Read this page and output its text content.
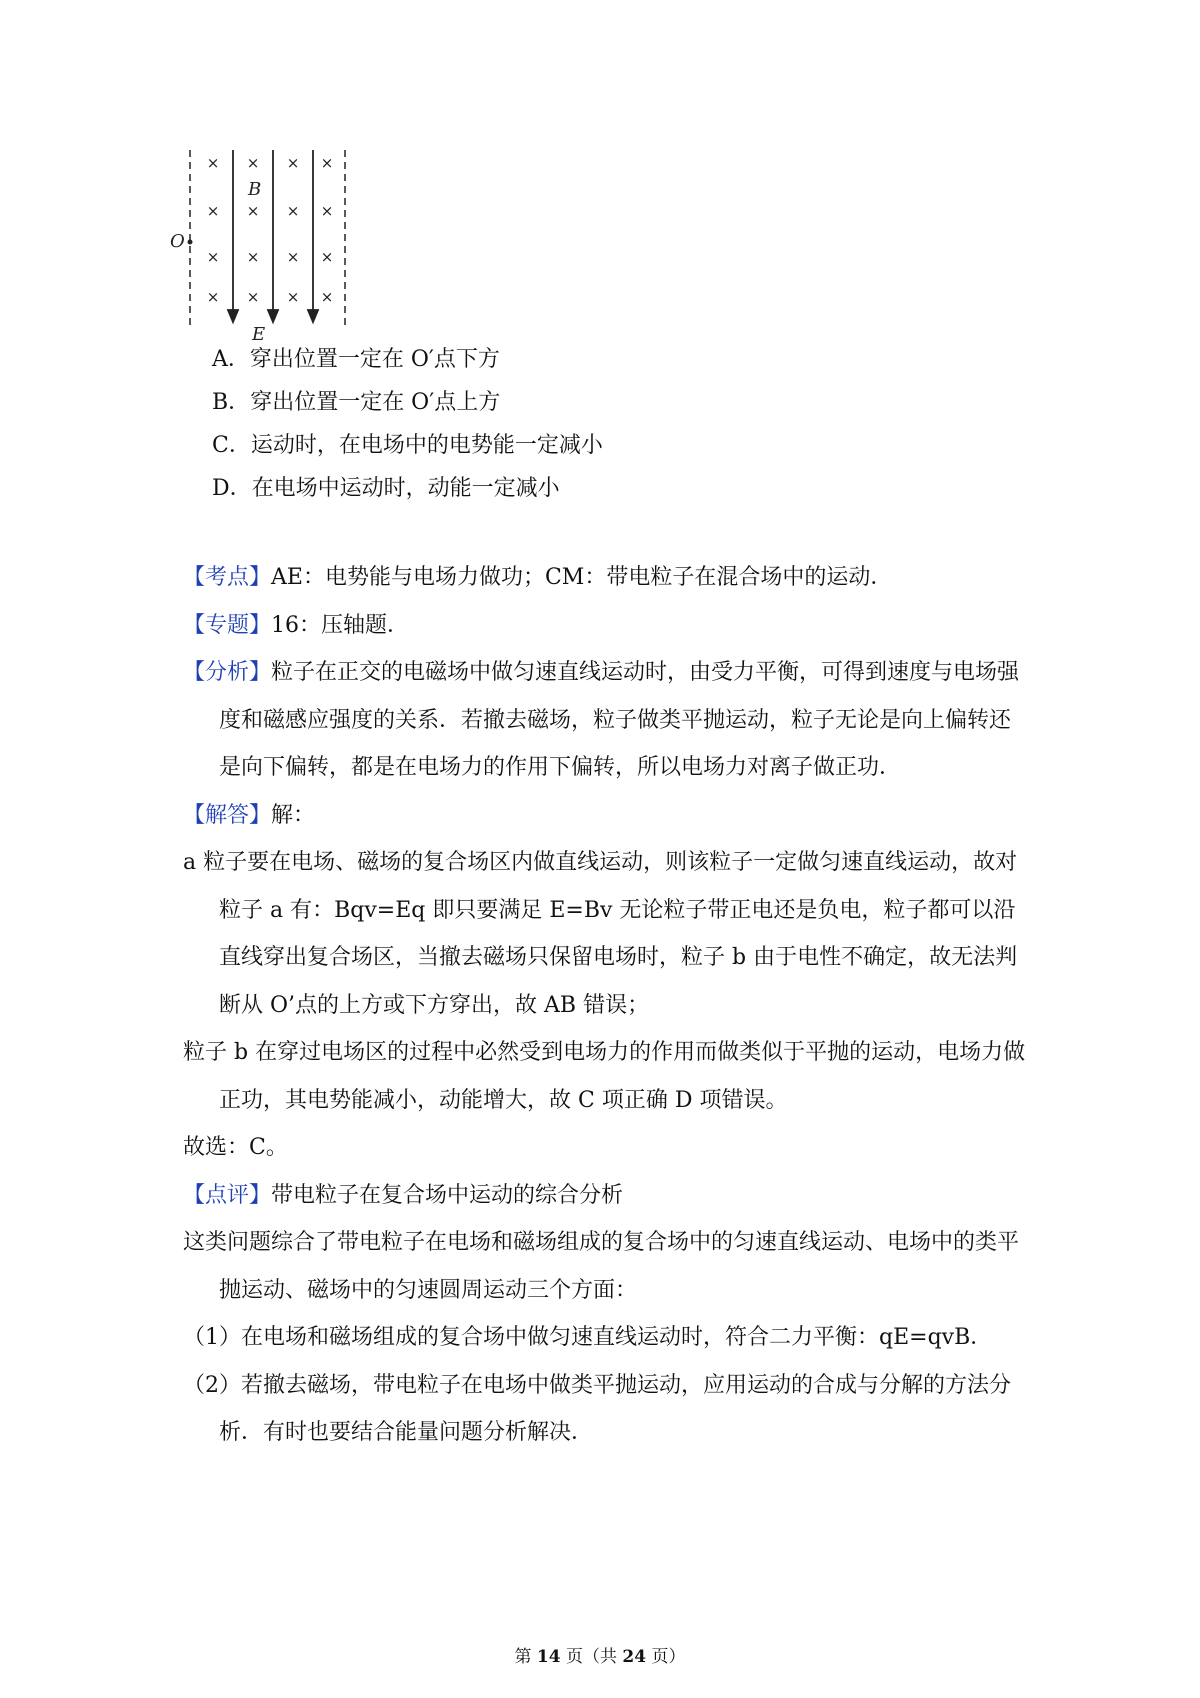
× × × ×
× × × ×
× × × ×
× × × ×
B
O
E
A．穿出位置一定在 O′点下方
B．穿出位置一定在 O′点上方
C．运动时，在电场中的电势能一定减小
D．在电场中运动时，动能一定减小
【考点】AE：电势能与电场力做功；CM：带电粒子在混合场中的运动．
【专题】16：压轴题．
【分析】粒子在正交的电磁场中做匀速直线运动时，由受力平衡，可得到速度与电场强度和磁感应强度的关系．若撤去磁场，粒子做类平抛运动，粒子无论是向上偏转还是向下偏转，都是在电场力的作用下偏转，所以电场力对离子做正功．
【解答】解：
a 粒子要在电场、磁场的复合场区内做直线运动，则该粒子一定做匀速直线运动，故对粒子 a 有：Bqv=Eq 即只要满足 E=Bv 无论粒子带正电还是负电，粒子都可以沿直线穿出复合场区，当撤去磁场只保留电场时，粒子 b 由于电性不确定，故无法判断从 O’点的上方或下方穿出，故 AB 错误；
粒子 b 在穿过电场区的过程中必然受到电场力的作用而做类似于平抛的运动，电场力做正功，其电势能减小，动能增大，故 C 项正确 D 项错误。
故选：C。
【点评】带电粒子在复合场中运动的综合分析
这类问题综合了带电粒子在电场和磁场组成的复合场中的匀速直线运动、电场中的类平抛运动、磁场中的匀速圆周运动三个方面：
（1）在电场和磁场组成的复合场中做匀速直线运动时，符合二力平衡：qE=qvB．
（2）若撤去磁场，带电粒子在电场中做类平抛运动，应用运动的合成与分解的方法分析．有时也要结合能量问题分析解决．
第 14 页（共 24 页）
